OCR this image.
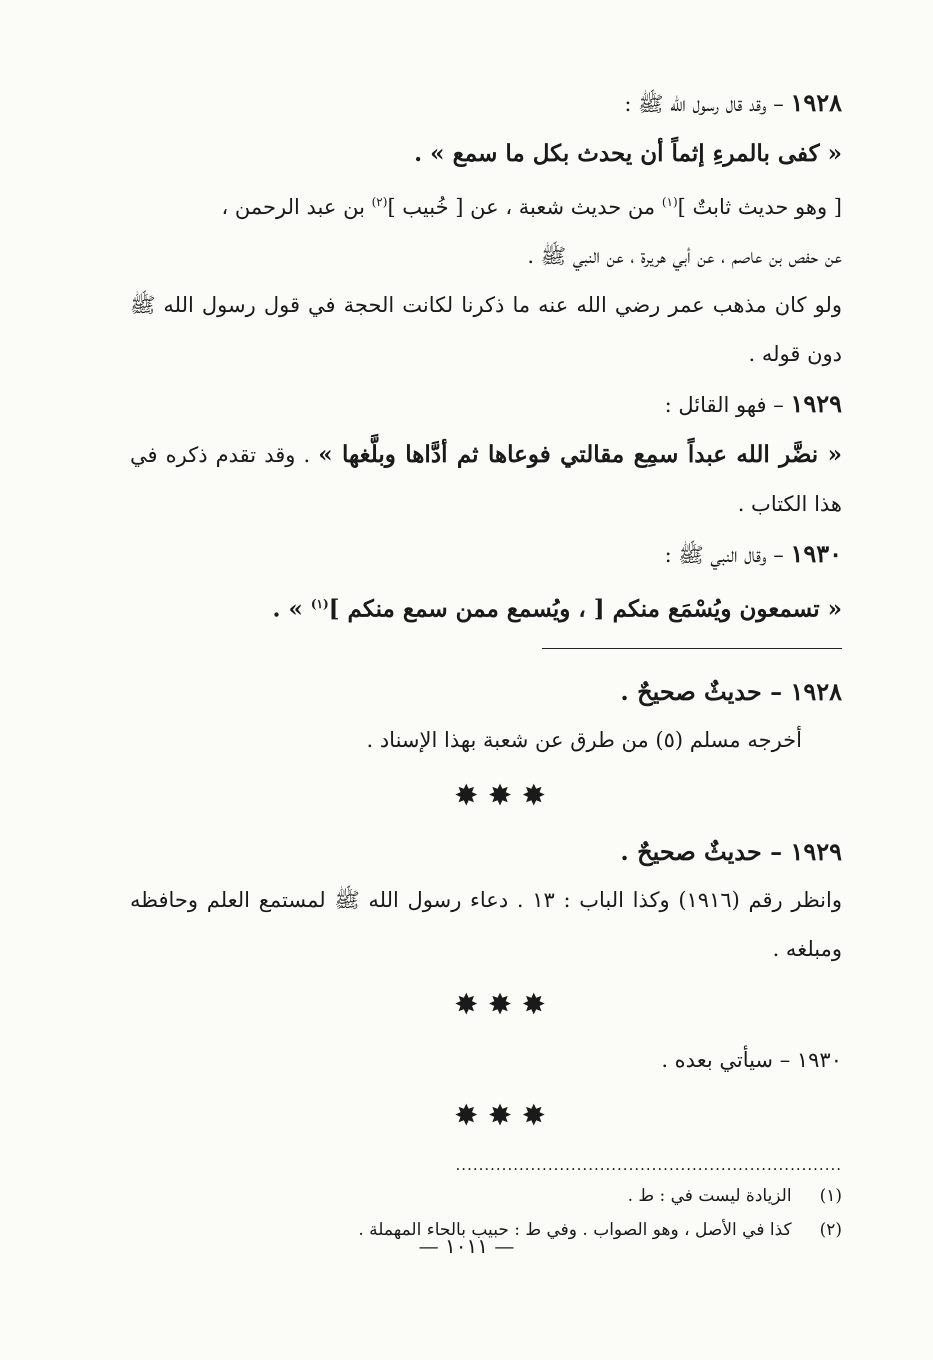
١٩٢٨ – وقد قال رسول الله ﷺ :

« كفى بالمرءِ إثماً أن يحدث بكل ما سمع » .

[ وهو حديث ثابتٌ ]$^{(١)}$ من حديث شعبة ، عن [ خُبيب ]$^{(٢)}$ بن عبد الرحمن ،
عن حفص بن عاصم ، عن أبي هريرة ، عن النبي ﷺ .

ولو كان مذهب عمر رضي الله عنه ما ذكرنا لكانت الحجة في قول رسول الله ﷺ دون قوله .

١٩٢٩ – فهو القائل :

« نضَّر الله عبداً سمِع مقالتي فوعاها ثم أدَّاها وبلَّغها » . وقد تقدم ذكره في هذا الكتاب .

١٩٣٠ – وقال النبي ﷺ :

« تسمعون ويُسْمَع منكم [ ، ويُسمع ممن سمع منكم ]$^{(١)}$ » .

١٩٢٨ – حديثٌ صحيحٌ .

أخرجه مسلم (٥) من طرق عن شعبة بهذا الإسناد .

✸✸✸

١٩٢٩ – حديثٌ صحيحٌ .

وانظر رقم (١٩١٦) وكذا الباب : ١٣ . دعاء رسول الله ﷺ لمستمع العلم وحافظه ومبلغه .

✸✸✸

١٩٣٠ – سيأتي بعده .

✸✸✸
...................................................................
(١) الزيادة ليست في : ط .
(٢) كذا في الأصل ، وهو الصواب . وفي ط : حبيب بالحاء المهملة .
— ١٠١١ —
